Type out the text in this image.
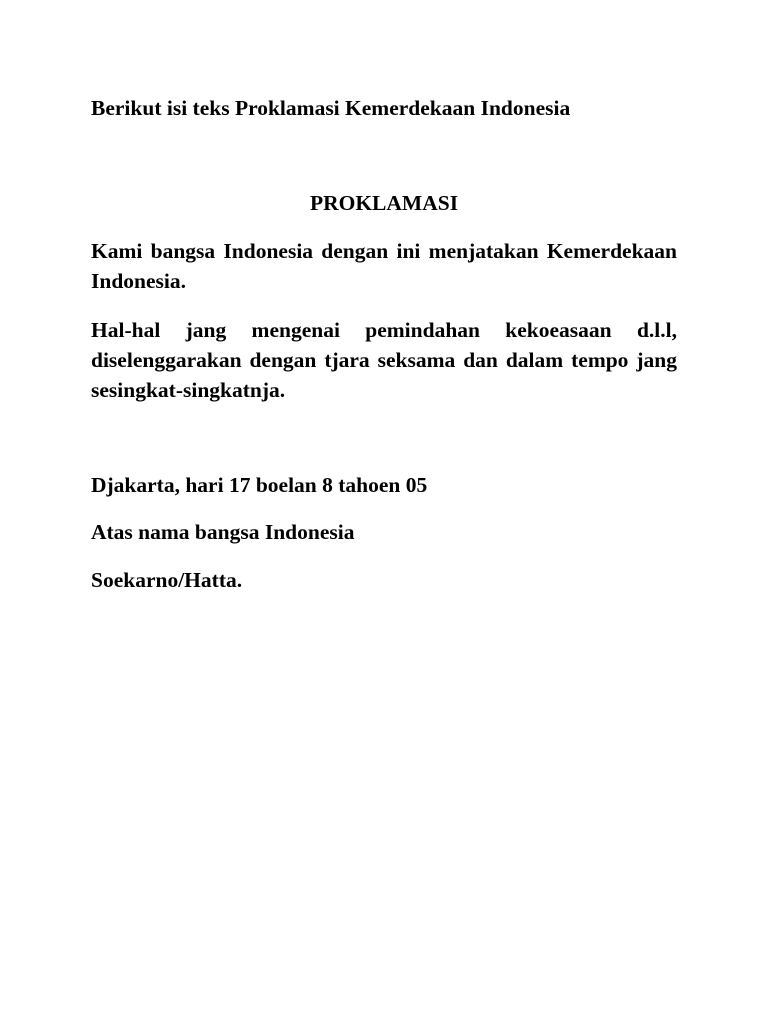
Berikut isi teks Proklamasi Kemerdekaan Indonesia

PROKLAMASI

Kami bangsa Indonesia dengan ini menjatakan Kemerdekaan Indonesia.

Hal-hal jang mengenai pemindahan kekoeasaan d.l.l, diselenggarakan dengan tjara seksama dan dalam tempo jang sesingkat-singkatnja.

Djakarta, hari 17 boelan 8 tahoen 05

Atas nama bangsa Indonesia

Soekarno/Hatta.
